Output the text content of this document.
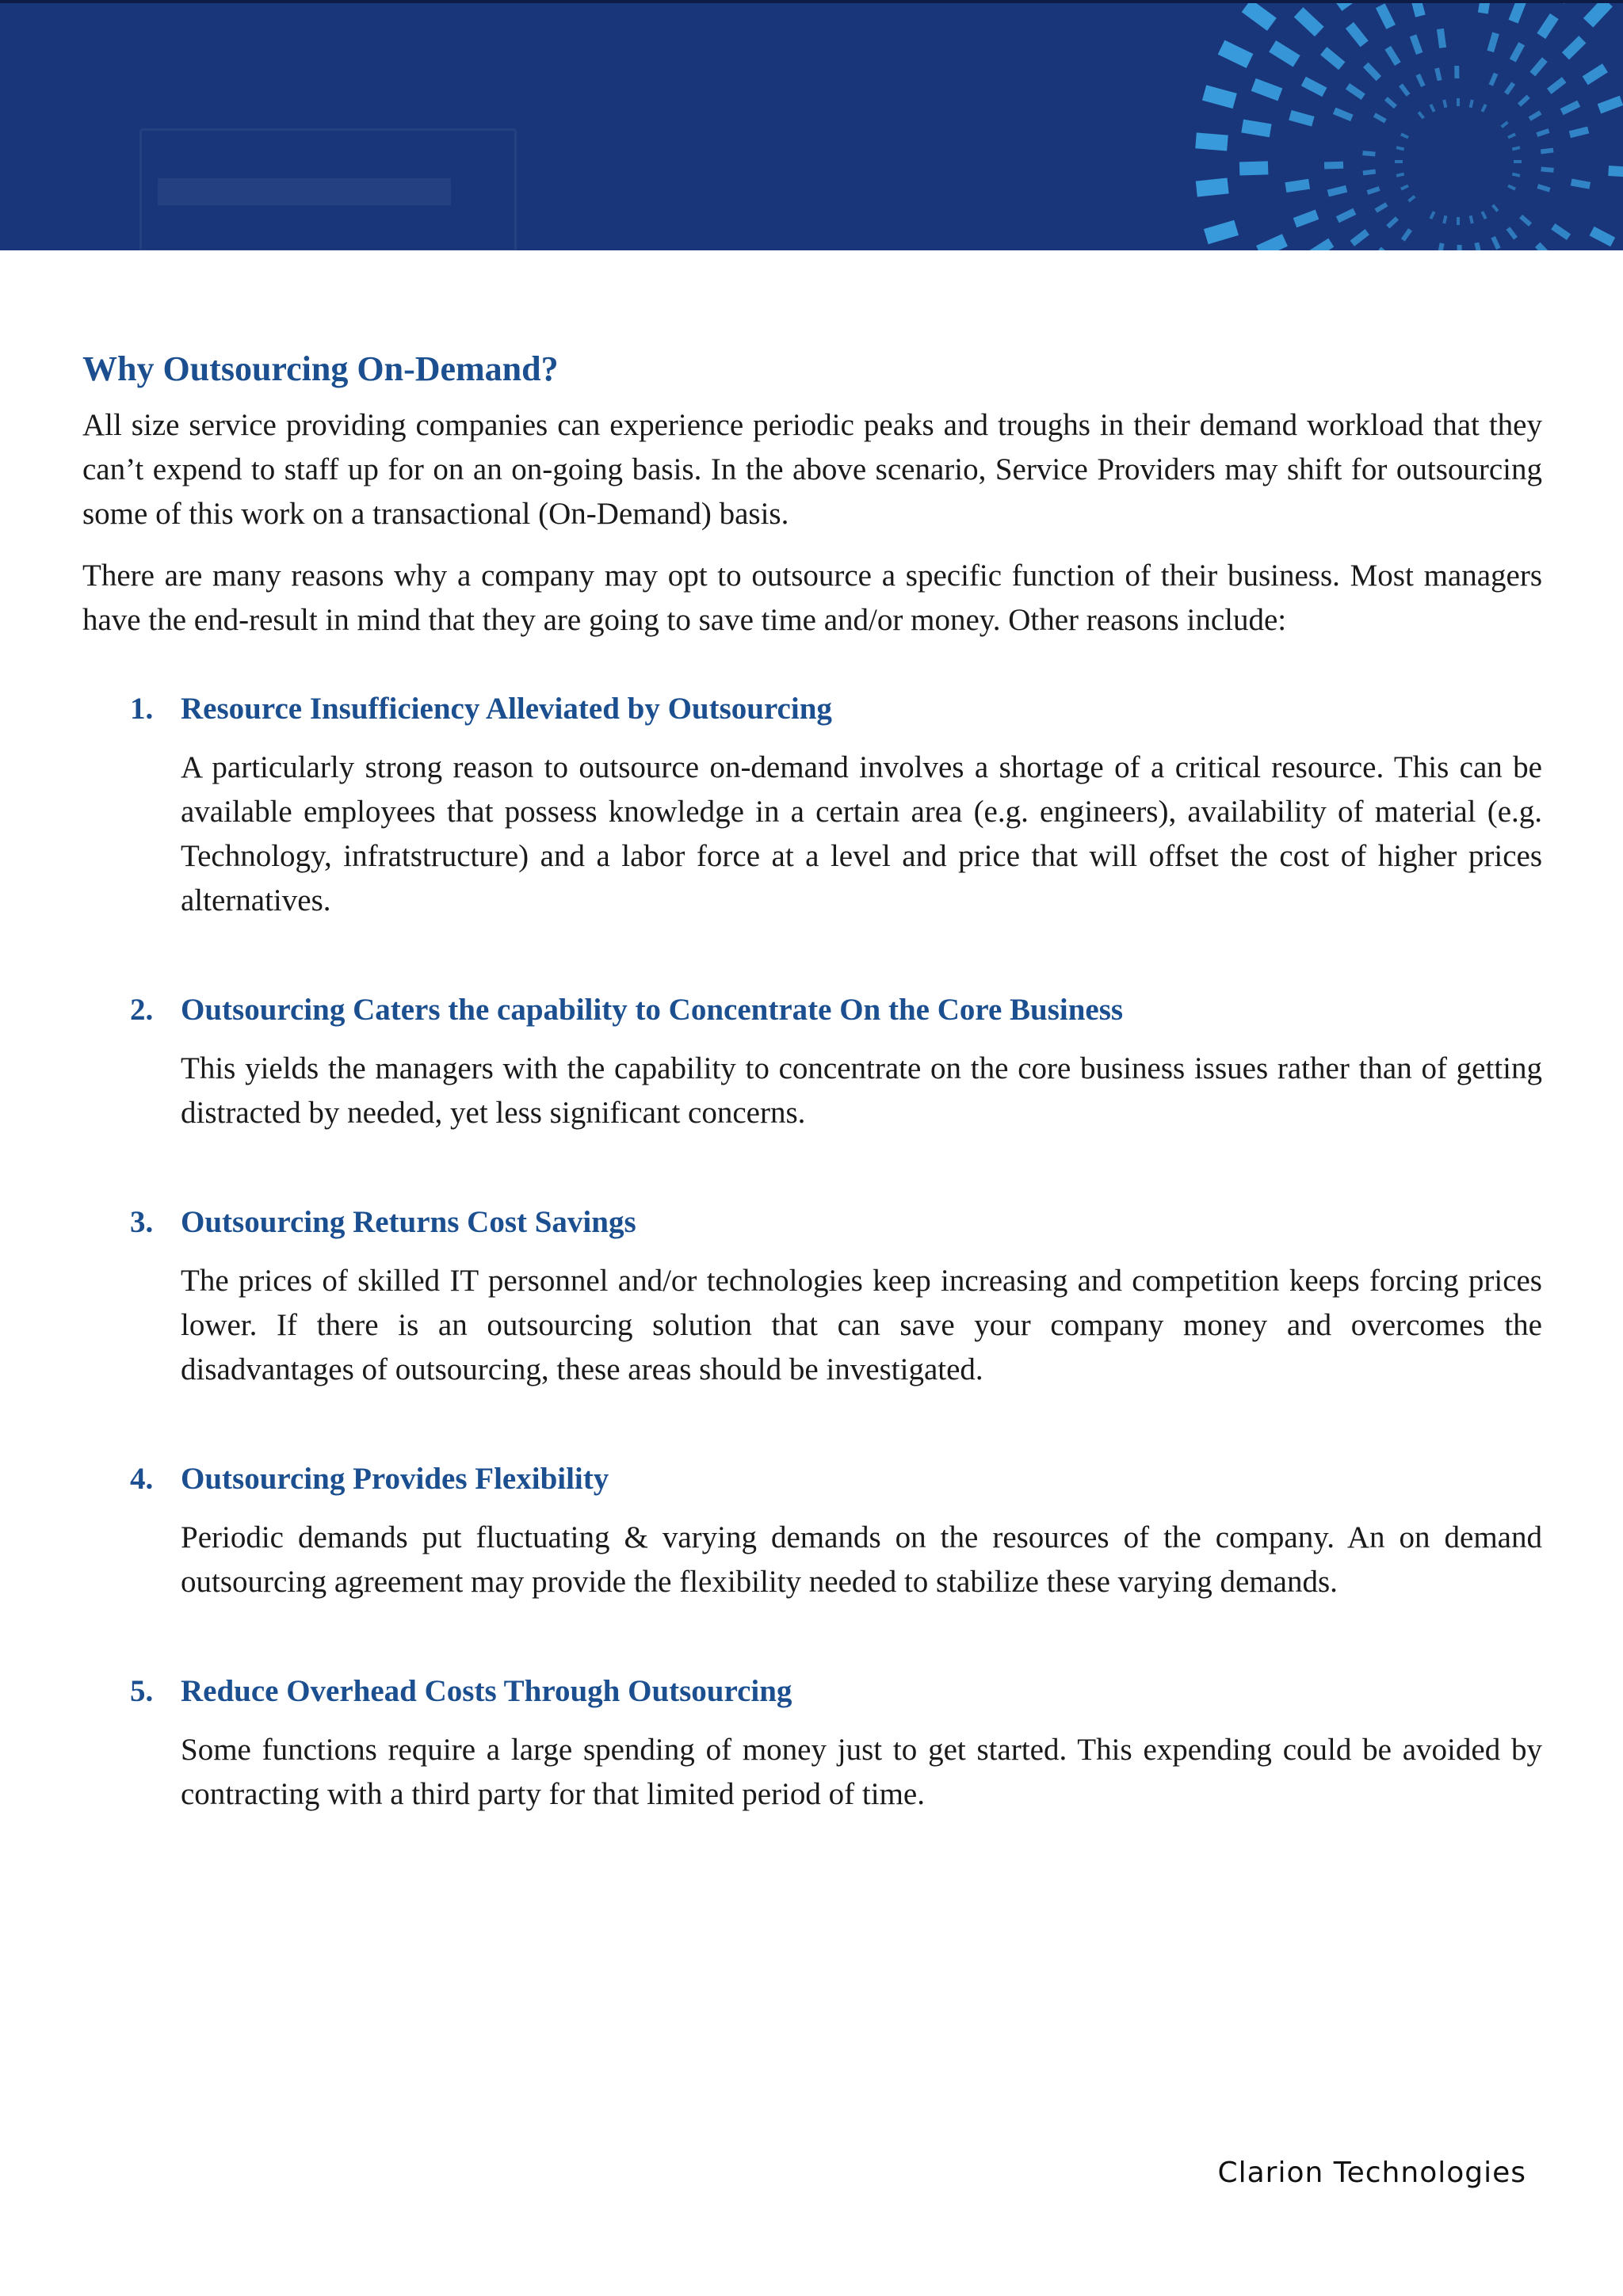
Why Outsourcing On-Demand?

All size service providing companies can experience periodic peaks and troughs in their demand workload that they can’t expend to staff up for on an on-going basis. In the above scenario, Service Providers may shift for outsourcing some of this work on a transactional (On-Demand) basis.

There are many reasons why a company may opt to outsource a specific function of their business. Most managers have the end-result in mind that they are going to save time and/or money. Other reasons include:

1. Resource Insufficiency Alleviated by Outsourcing

A particularly strong reason to outsource on-demand involves a shortage of a critical resource. This can be available employees that possess knowledge in a certain area (e.g. engineers), availability of material (e.g. Technology, infratstructure) and a labor force at a level and price that will offset the cost of higher prices alternatives.

2. Outsourcing Caters the capability to Concentrate On the Core Business

This yields the managers with the capability to concentrate on the core business issues rather than of getting distracted by needed, yet less significant concerns.

3. Outsourcing Returns Cost Savings

The prices of skilled IT personnel and/or technologies keep increasing and competition keeps forcing prices lower. If there is an outsourcing solution that can save your company money and overcomes the disadvantages of outsourcing, these areas should be investigated.

4. Outsourcing Provides Flexibility

Periodic demands put fluctuating & varying demands on the resources of the company. An on demand outsourcing agreement may provide the flexibility needed to stabilize these varying demands.

5. Reduce Overhead Costs Through Outsourcing

Some functions require a large spending of money just to get started. This expending could be avoided by contracting with a third party for that limited period of time.

Clarion Technologies
